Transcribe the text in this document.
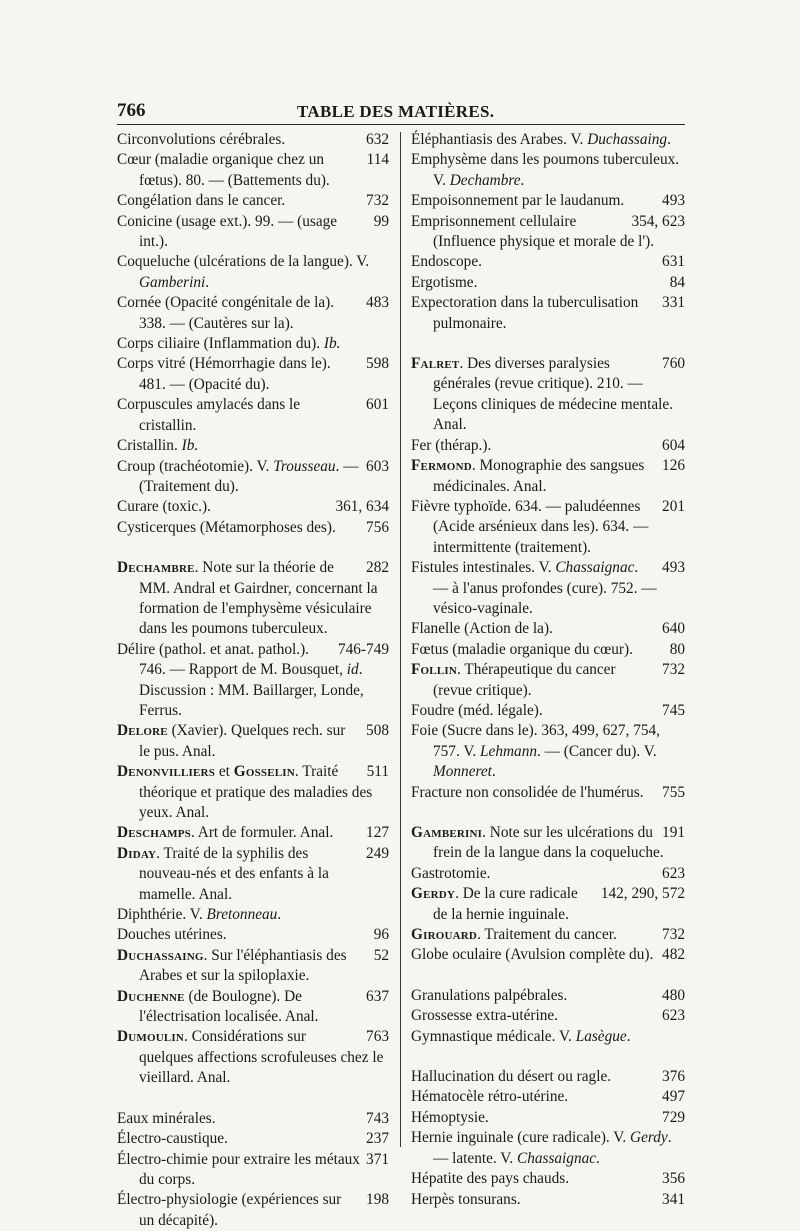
766	TABLE DES MATIÈRES.

632
Circonvolutions cérébrales.

114
Cœur (maladie organique chez un fœtus). 80. — (Battements du).

732
Congélation dans le cancer.

99
Conicine (usage ext.). 99. — (usage int.).

Coqueluche (ulcérations de la langue). V. Gamberini.

483
Cornée (Opacité congénitale de la). 338. — (Cautères sur la).

Corps ciliaire (Inflammation du). Ib.

598
Corps vitré (Hémorrhagie dans le). 481. — (Opacité du).

601
Corpuscules amylacés dans le cristallin.

Cristallin. Ib.

603
Croup (trachéotomie). V. Trousseau. — (Traitement du).

361, 634
Curare (toxic.).

756
Cysticerques (Métamorphoses des).

282
Dechambre. Note sur la théorie de MM. Andral et Gairdner, concernant la formation de l'emphysème vésiculaire dans les poumons tuberculeux.

746-749
Délire (pathol. et anat. pathol.). 746. — Rapport de M. Bousquet, id. Discussion : MM. Baillarger, Londe, Ferrus.

508
Delore (Xavier). Quelques rech. sur le pus. Anal.

511
Denonvilliers et Gosselin. Traité théorique et pratique des maladies des yeux. Anal.

127
Deschamps. Art de formuler. Anal.

249
Diday. Traité de la syphilis des nouveau-nés et des enfants à la mamelle. Anal.

Diphthérie. V. Bretonneau.

96
Douches utérines.

52
Duchassaing. Sur l'éléphantiasis des Arabes et sur la spiloplaxie.

637
Duchenne (de Boulogne). De l'électrisation localisée. Anal.

763
Dumoulin. Considérations sur quelques affections scrofuleuses chez le vieillard. Anal.

743
Eaux minérales.

237
Électro-caustique.

371
Électro-chimie pour extraire les métaux du corps.

198
Électro-physiologie (expériences sur un décapité).

Éléphantiasis des Arabes. V. Duchassaing.

Emphysème dans les poumons tuberculeux. V. Dechambre.

493
Empoisonnement par le laudanum.

354, 623
Emprisonnement cellulaire (Influence physique et morale de l').

631
Endoscope.

84
Ergotisme.

331
Expectoration dans la tuberculisation pulmonaire.

760
Falret. Des diverses paralysies générales (revue critique). 210. — Leçons cliniques de médecine mentale. Anal.

604
Fer (thérap.).

126
Fermond. Monographie des sangsues médicinales. Anal.

201
Fièvre typhoïde. 634. — paludéennes (Acide arsénieux dans les). 634. — intermittente (traitement).

493
Fistules intestinales. V. Chassaignac. — à l'anus profondes (cure). 752. — vésico-vaginale.

640
Flanelle (Action de la).

80
Fœtus (maladie organique du cœur).

732
Follin. Thérapeutique du cancer (revue critique).

745
Foudre (méd. légale).

Foie (Sucre dans le). 363, 499, 627, 754, 757. V. Lehmann. — (Cancer du). V. Monneret.

755
Fracture non consolidée de l'humérus.

191
Gamberini. Note sur les ulcérations du frein de la langue dans la coqueluche.

623
Gastrotomie.

142, 290, 572
Gerdy. De la cure radicale de la hernie inguinale.

732
Girouard. Traitement du cancer.

482
Globe oculaire (Avulsion complète du).

480
Granulations palpébrales.

623
Grossesse extra-utérine.

Gymnastique médicale. V. Lasègue.

376
Hallucination du désert ou ragle.

497
Hématocèle rétro-utérine.

729
Hémoptysie.

Hernie inguinale (cure radicale). V. Gerdy. — latente. V. Chassaignac.

356
Hépatite des pays chauds.

341
Herpès tonsurans.
